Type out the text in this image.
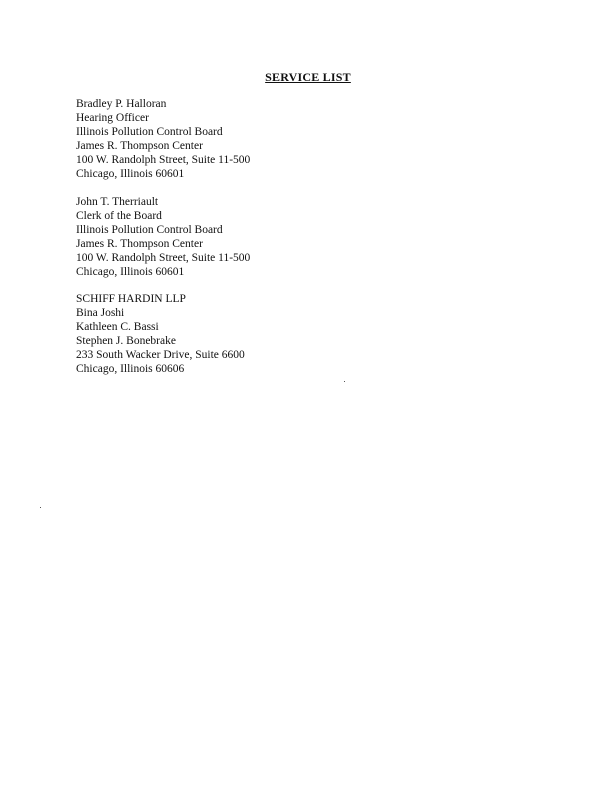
SERVICE LIST
Bradley P. Halloran
Hearing Officer
Illinois Pollution Control Board
James R. Thompson Center
100 W. Randolph Street, Suite 11-500
Chicago, Illinois 60601
John T. Therriault
Clerk of the Board
Illinois Pollution Control Board
James R. Thompson Center
100 W. Randolph Street, Suite 11-500
Chicago, Illinois 60601
SCHIFF HARDIN LLP
Bina Joshi
Kathleen C. Bassi
Stephen J. Bonebrake
233 South Wacker Drive, Suite 6600
Chicago, Illinois 60606
